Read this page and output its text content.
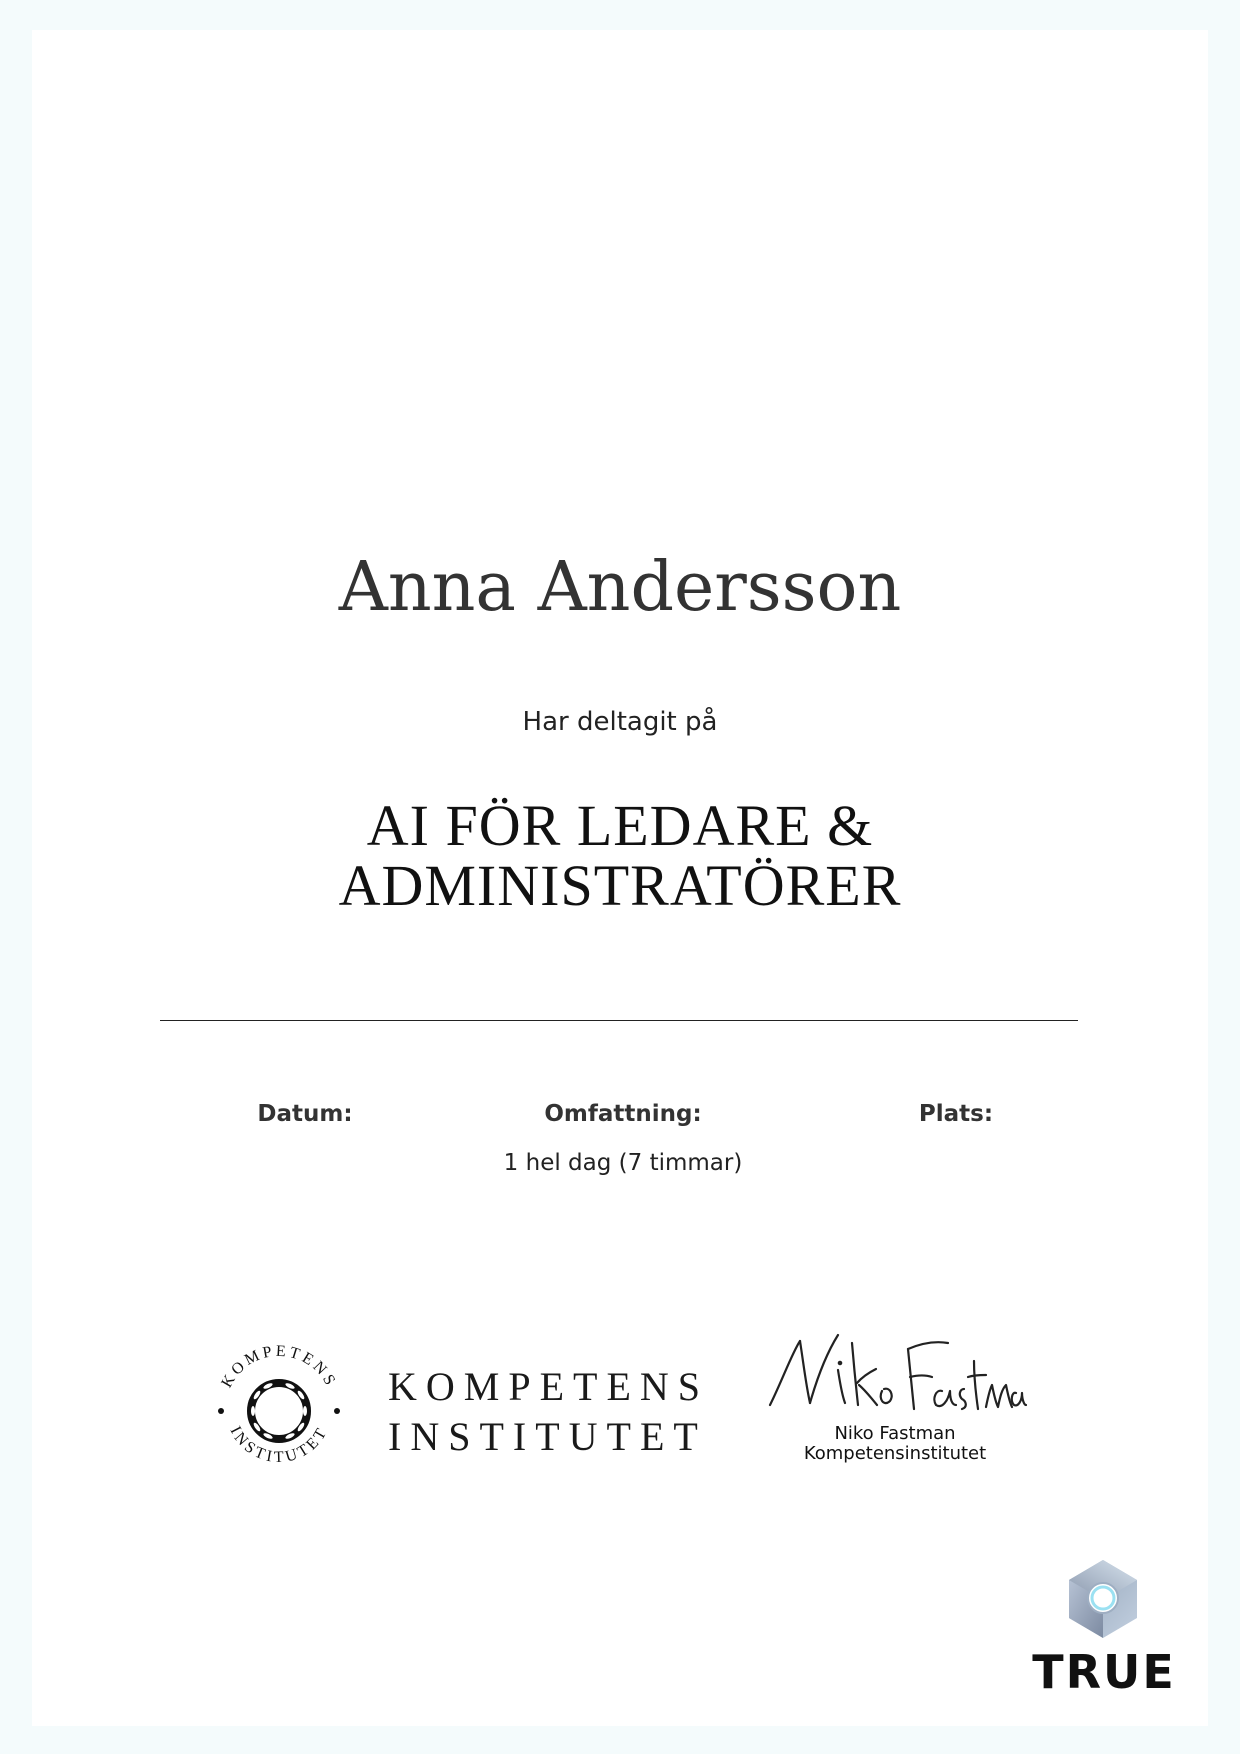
Anna Andersson
Har deltagit på
AI FÖR LEDARE &
ADMINISTRATÖRER
Datum:	Omfattning:
1 hel dag (7 timmar)
Plats:
KOMPETENS
INSTITUTET
KOMPETENS
INSTITUTET	Niko Fastman
Kompetensinstitutet
TRUE
